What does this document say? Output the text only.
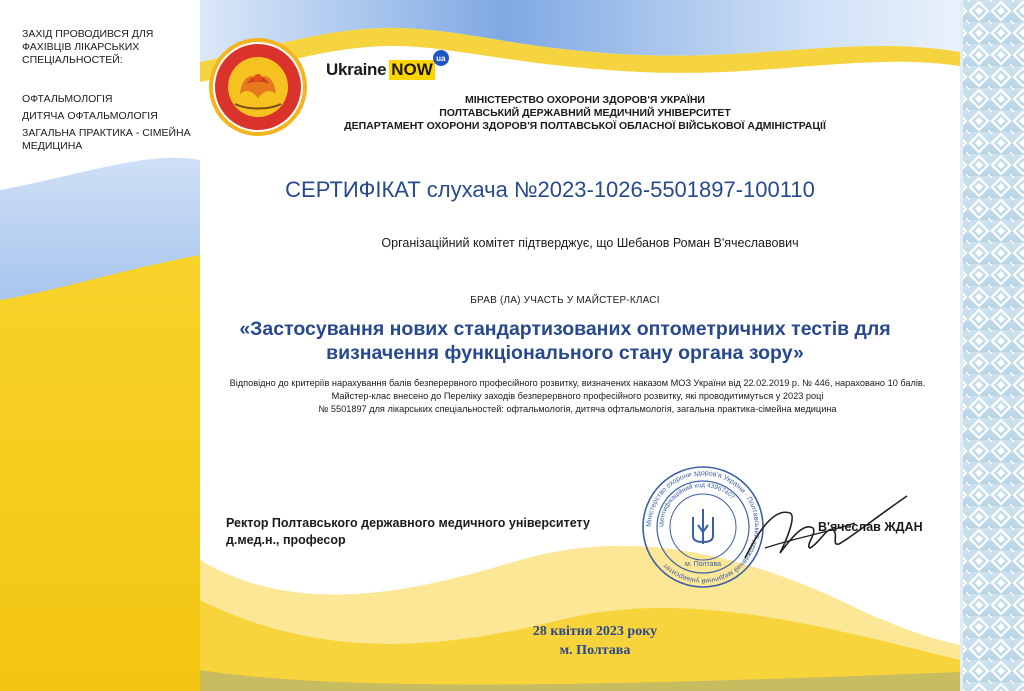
ЗАХІД ПРОВОДИВСЯ ДЛЯ ФАХІВЦІВ ЛІКАРСЬКИХ СПЕЦІАЛЬНОСТЕЙ:

ОФТАЛЬМОЛОГІЯ
ДИТЯЧА ОФТАЛЬМОЛОГІЯ
ЗАГАЛЬНА ПРАКТИКА - СІМЕЙНА МЕДИЦИНА
Ukraine NOW
ua
МІНІСТЕРСТВО ОХОРОНИ ЗДОРОВ'Я УКРАЇНИ
ПОЛТАВСЬКИЙ ДЕРЖАВНИЙ МЕДИЧНИЙ УНІВЕРСИТЕТ
ДЕПАРТАМЕНТ ОХОРОНИ ЗДОРОВ'Я ПОЛТАВСЬКОЇ ОБЛАСНОЇ ВІЙСЬКОВОЇ АДМІНІСТРАЦІЇ
СЕРТИФІКАТ слухача №2023-1026-5501897-100110
Організаційний комітет підтверджує, що Шебанов Роман В'ячеславович
БРАВ (ЛА) УЧАСТЬ У МАЙСТЕР-КЛАСІ
«Застосування нових стандартизованих оптометричних тестів для
визначення функціонального стану органа зору»
Відповідно до критеріїв нарахування балів безперервного професійного розвитку, визначених наказом МОЗ України від 22.02.2019 р. № 446, нараховано 10 балів.
Майстер-клас внесено до Переліку заходів безперервного професійного розвитку, які проводитимуться у 2023 році
№ 5501897 для лікарських спеціальностей: офтальмологія, дитяча офтальмологія, загальна практика-сімейна медицина
Ректор Полтавського державного медичного університету
д.мед.н., професор
Міністерство охорони здоров'я України · Полтавський державний медичний університет
Ідентифікаційний код 43967407
м. Полтава
В'ячеслав ЖДАН
28 квітня 2023 року
м. Полтава
